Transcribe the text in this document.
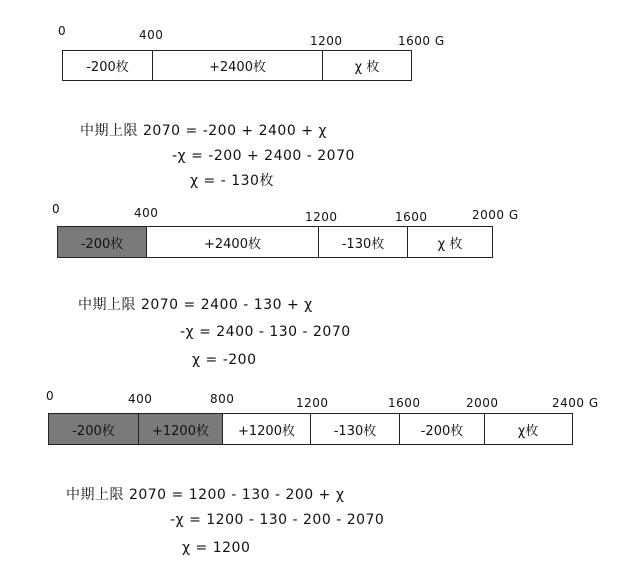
0	400	1200	1600 G
-200枚	+2400枚	χ 枚
中期上限 2070 = -200 + 2400 + χ
-χ = -200 + 2400 - 2070
χ = - 130枚
0	400	1200	1600	2000 G
-200枚	+2400枚	-130枚	χ 枚
中期上限 2070 = 2400 - 130 + χ
-χ = 2400 - 130 - 2070
χ = -200
0	400	800	1200	1600	2000	2400 G
-200枚	+1200枚 +1200枚	-130枚	-200枚	χ枚
中期上限 2070 = 1200 - 130 - 200 + χ
-χ = 1200 - 130 - 200 - 2070
χ = 1200
